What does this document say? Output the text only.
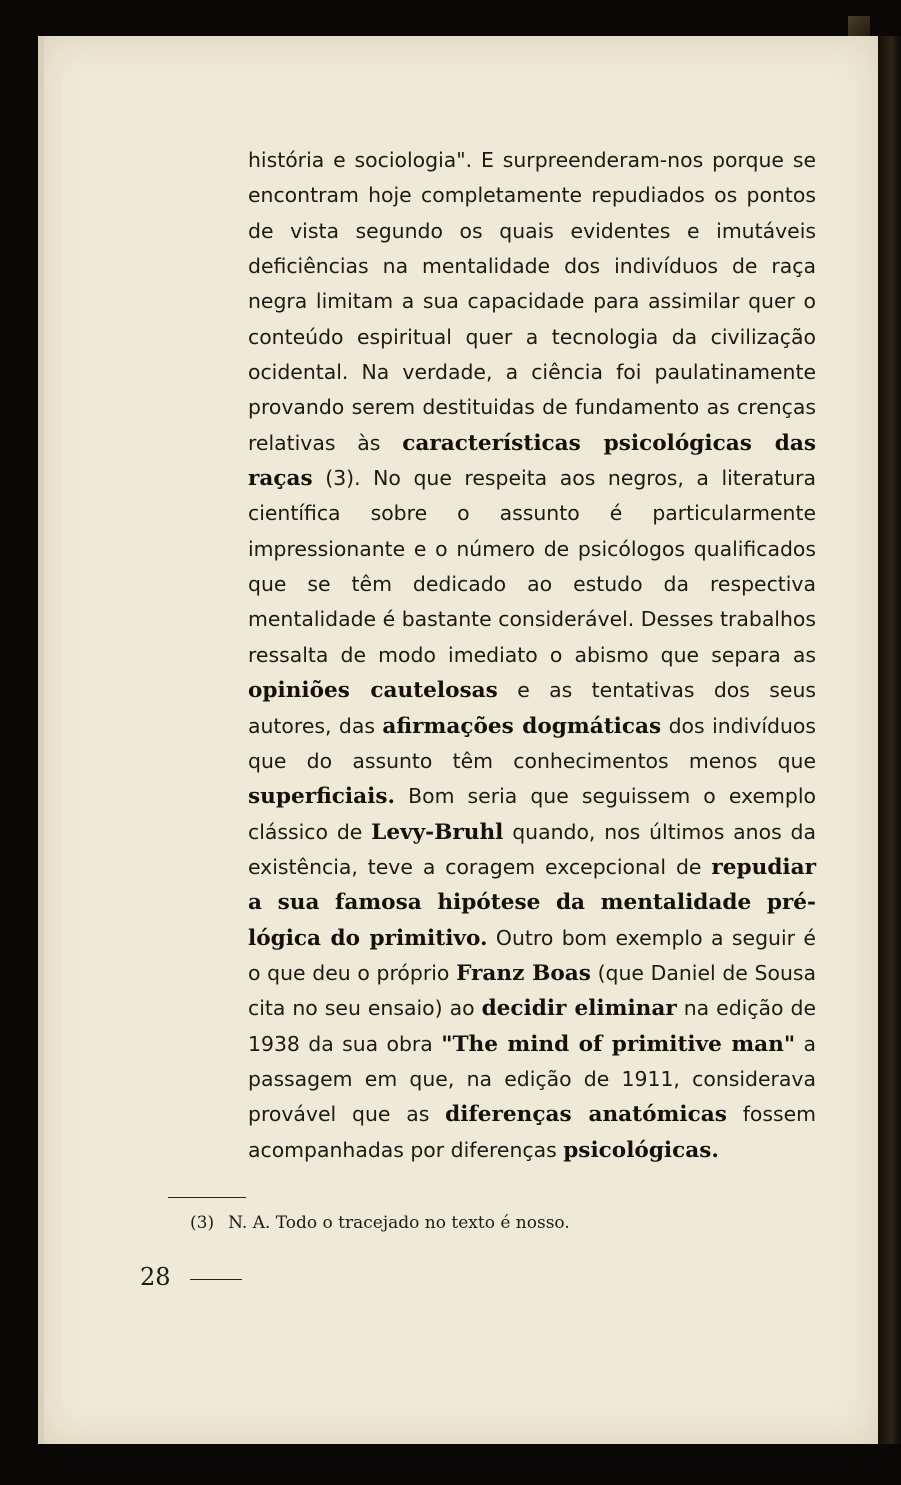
história e sociologia". E surpreenderam-nos porque se encontram hoje completamente repudiados os pontos de vista segundo os quais evidentes e imutáveis deficiências na mentalidade dos indivíduos de raça negra limitam a sua capacidade para assimilar quer o conteúdo espiritual quer a tecnologia da civilização ocidental. Na verdade, a ciência foi paulatinamente provando serem destituidas de fundamento as crenças relativas às características psicológicas das raças (3). No que respeita aos negros, a literatura científica sobre o assunto é particularmente impressionante e o número de psicólogos qualificados que se têm dedicado ao estudo da respectiva mentalidade é bastante considerável. Desses trabalhos ressalta de modo imediato o abismo que separa as opiniões cautelosas e as tentativas dos seus autores, das afirmações dogmáticas dos indivíduos que do assunto têm conhecimentos menos que superficiais. Bom seria que seguissem o exemplo clássico de Levy-Bruhl quando, nos últimos anos da existência, teve a coragem excepcional de repudiar a sua famosa hipótese da mentalidade pré-lógica do primitivo. Outro bom exemplo a seguir é o que deu o próprio Franz Boas (que Daniel de Sousa cita no seu ensaio) ao decidir eliminar na edição de 1938 da sua obra "The mind of primitive man" a passagem em que, na edição de 1911, considerava provável que as diferenças anatómicas fossem acompanhadas por diferenças psicológicas.

(3) N. A. Todo o tracejado no texto é nosso.
28
